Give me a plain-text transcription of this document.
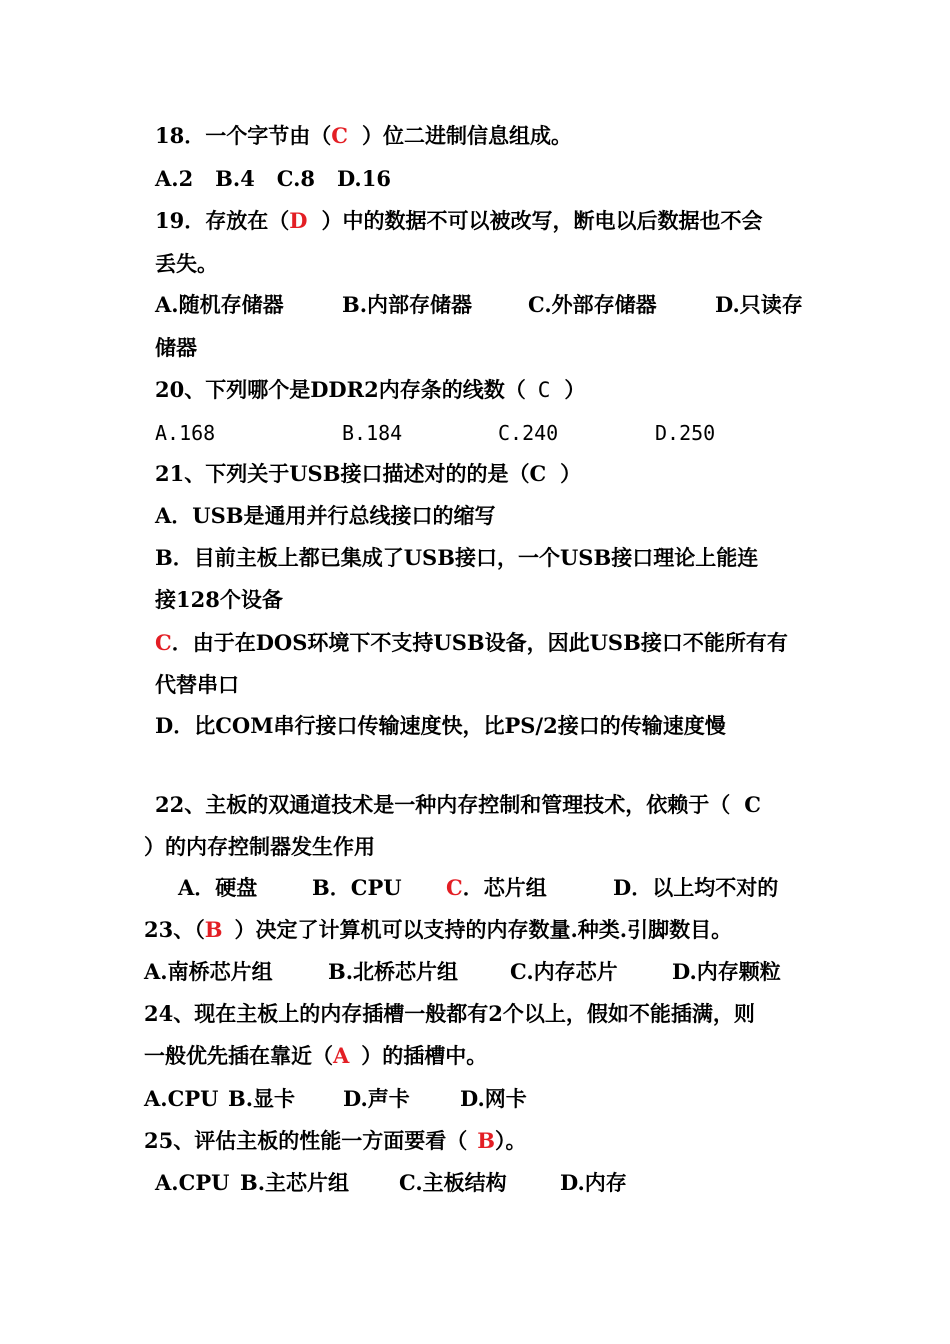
18．一个字节由（C ）位二进制信息组成。
A.2   B.4   C.8   D.16
19．存放在（D ）中的数据不可以被改写，断电以后数据也不会
丢失。
A.随机存储器	B.内部存储器	C.外部存储器	D.只读存
储器
20、下列哪个是DDR2内存条的线数（ C ）
A.168	B.184	C.240	D.250
21、下列关于USB接口描述对的的是（C ）
A．USB是通用并行总线接口的缩写
B．目前主板上都已集成了USB接口，一个USB接口理论上能连
接128个设备
C．由于在DOS环境下不支持USB设备，因此USB接口不能所有有
代替串口
D．比COM串行接口传输速度快，比PS/2接口的传输速度慢
22、主板的双通道技术是一种内存控制和管理技术，依赖于（ C
）的内存控制器发生作用
A．硬盘	B．CPU C．芯片组	D．以上均不对的
23、（B ）决定了计算机可以支持的内存数量.种类.引脚数目。
A.南桥芯片组	B.北桥芯片组 C.内存芯片	D.内存颗粒
24、现在主板上的内存插槽一般都有2个以上，假如不能插满，则
一般优先插在靠近（A ）的插槽中。
A.CPU B.显卡 D.声卡 D.网卡
25、评估主板的性能一方面要看（ B）。
A.CPU B.主芯片组 C.主板结构	D.内存
